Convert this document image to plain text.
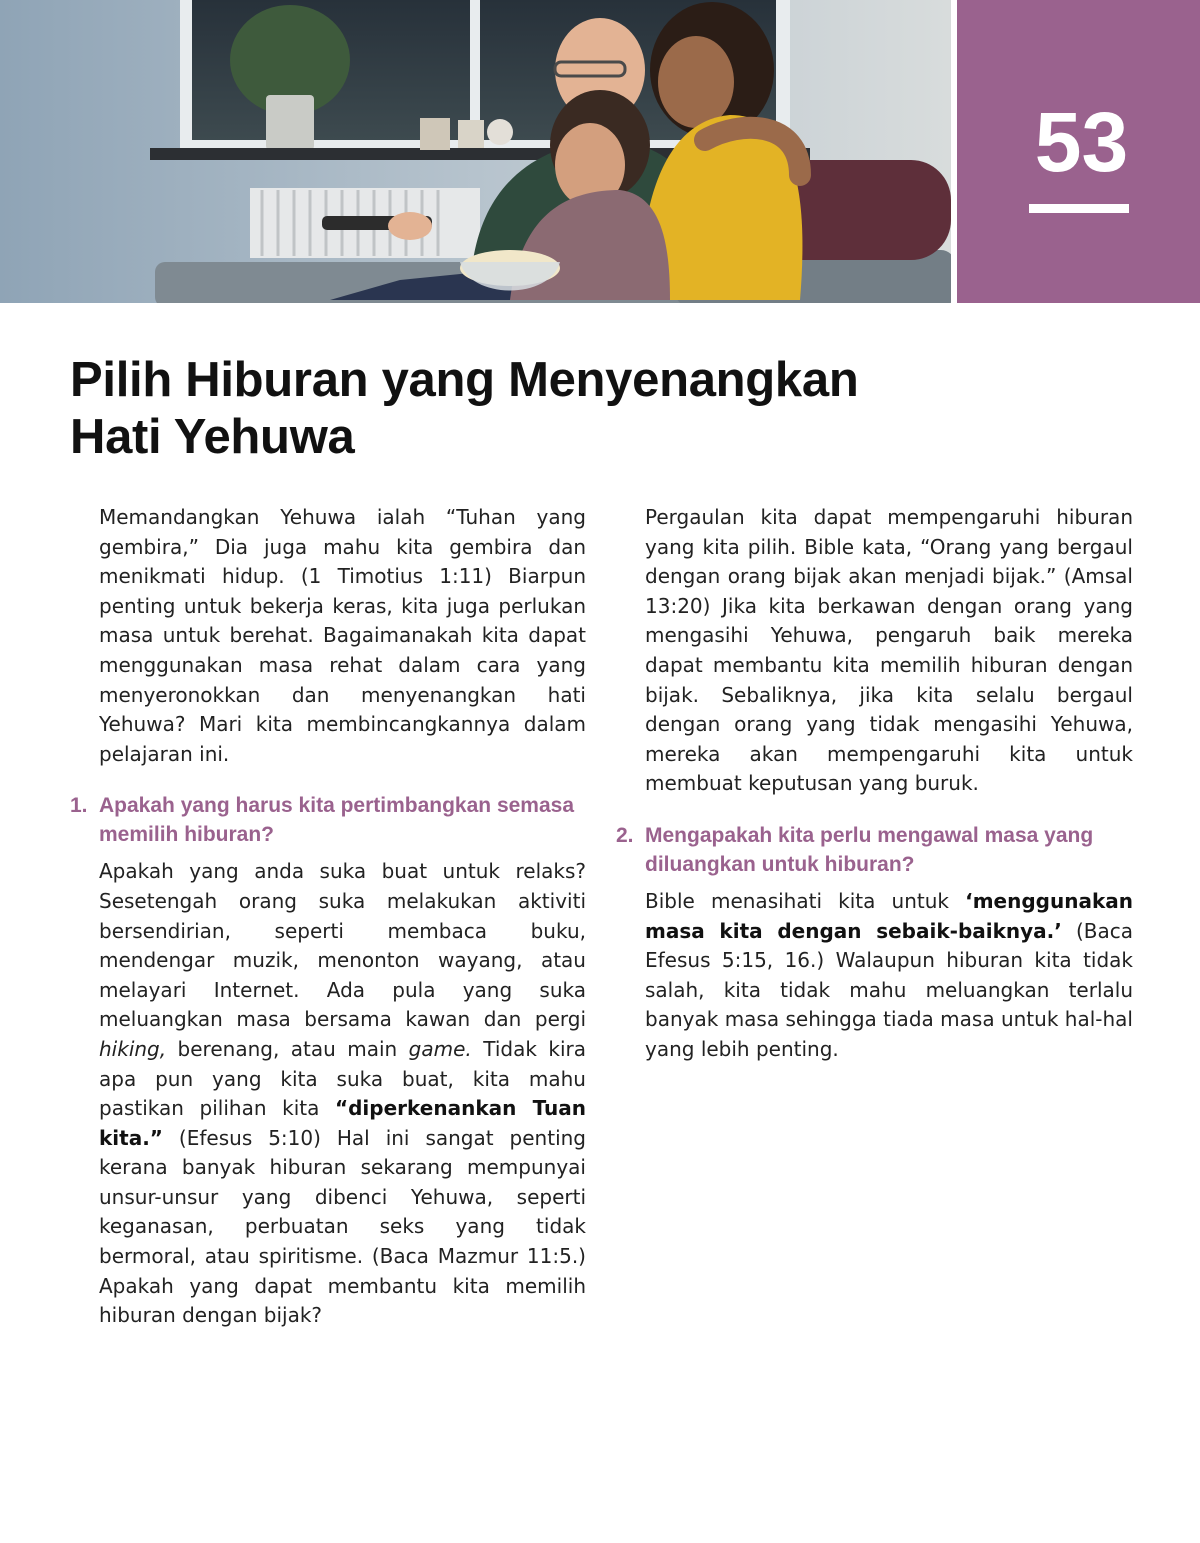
53
Pilih Hiburan yang Menyenangkan
Hati Yehuwa

Memandangkan Yehuwa ialah “Tuhan yang gembira,” Dia juga mahu kita gembira dan menikmati hidup. (1 Timotius 1:11) Biarpun penting untuk bekerja keras, kita juga perlukan masa untuk berehat. Bagaimanakah kita dapat menggunakan masa rehat dalam cara yang menyeronokkan dan menyenangkan hati Yehuwa? Mari kita membincangkannya dalam pelajaran ini.

1. Apakah yang harus kita pertimbangkan semasa memilih hiburan?

Apakah yang anda suka buat untuk relaks? Sesetengah orang suka melakukan aktiviti bersendirian, seperti membaca buku, mendengar muzik, menonton wayang, atau melayari Internet. Ada pula yang suka meluangkan masa bersama kawan dan pergi hiking, berenang, atau main game. Tidak kira apa pun yang kita suka buat, kita mahu pastikan pilihan kita “diperkenankan Tuan kita.” (Efesus 5:10) Hal ini sangat penting kerana banyak hiburan sekarang mempunyai unsur-unsur yang dibenci Yehuwa, seperti keganasan, perbuatan seks yang tidak bermoral, atau spiritisme. (Baca Mazmur 11:5.) Apakah yang dapat membantu kita memilih hiburan dengan bijak?

Pergaulan kita dapat mempengaruhi hiburan yang kita pilih. Bible kata, “Orang yang bergaul dengan orang bijak akan menjadi bijak.” (Amsal 13:20) Jika kita berkawan dengan orang yang mengasihi Yehuwa, pengaruh baik mereka dapat membantu kita memilih hiburan dengan bijak. Sebaliknya, jika kita selalu bergaul dengan orang yang tidak mengasihi Yehuwa, mereka akan mempengaruhi kita untuk membuat keputusan yang buruk.

2. Mengapakah kita perlu mengawal masa yang diluangkan untuk hiburan?

Bible menasihati kita untuk ‘menggunakan masa kita dengan sebaik-baiknya.’ (Baca Efesus 5:15, 16.) Walaupun hiburan kita tidak salah, kita tidak mahu meluangkan terlalu banyak masa sehingga tiada masa untuk hal-hal yang lebih penting.
